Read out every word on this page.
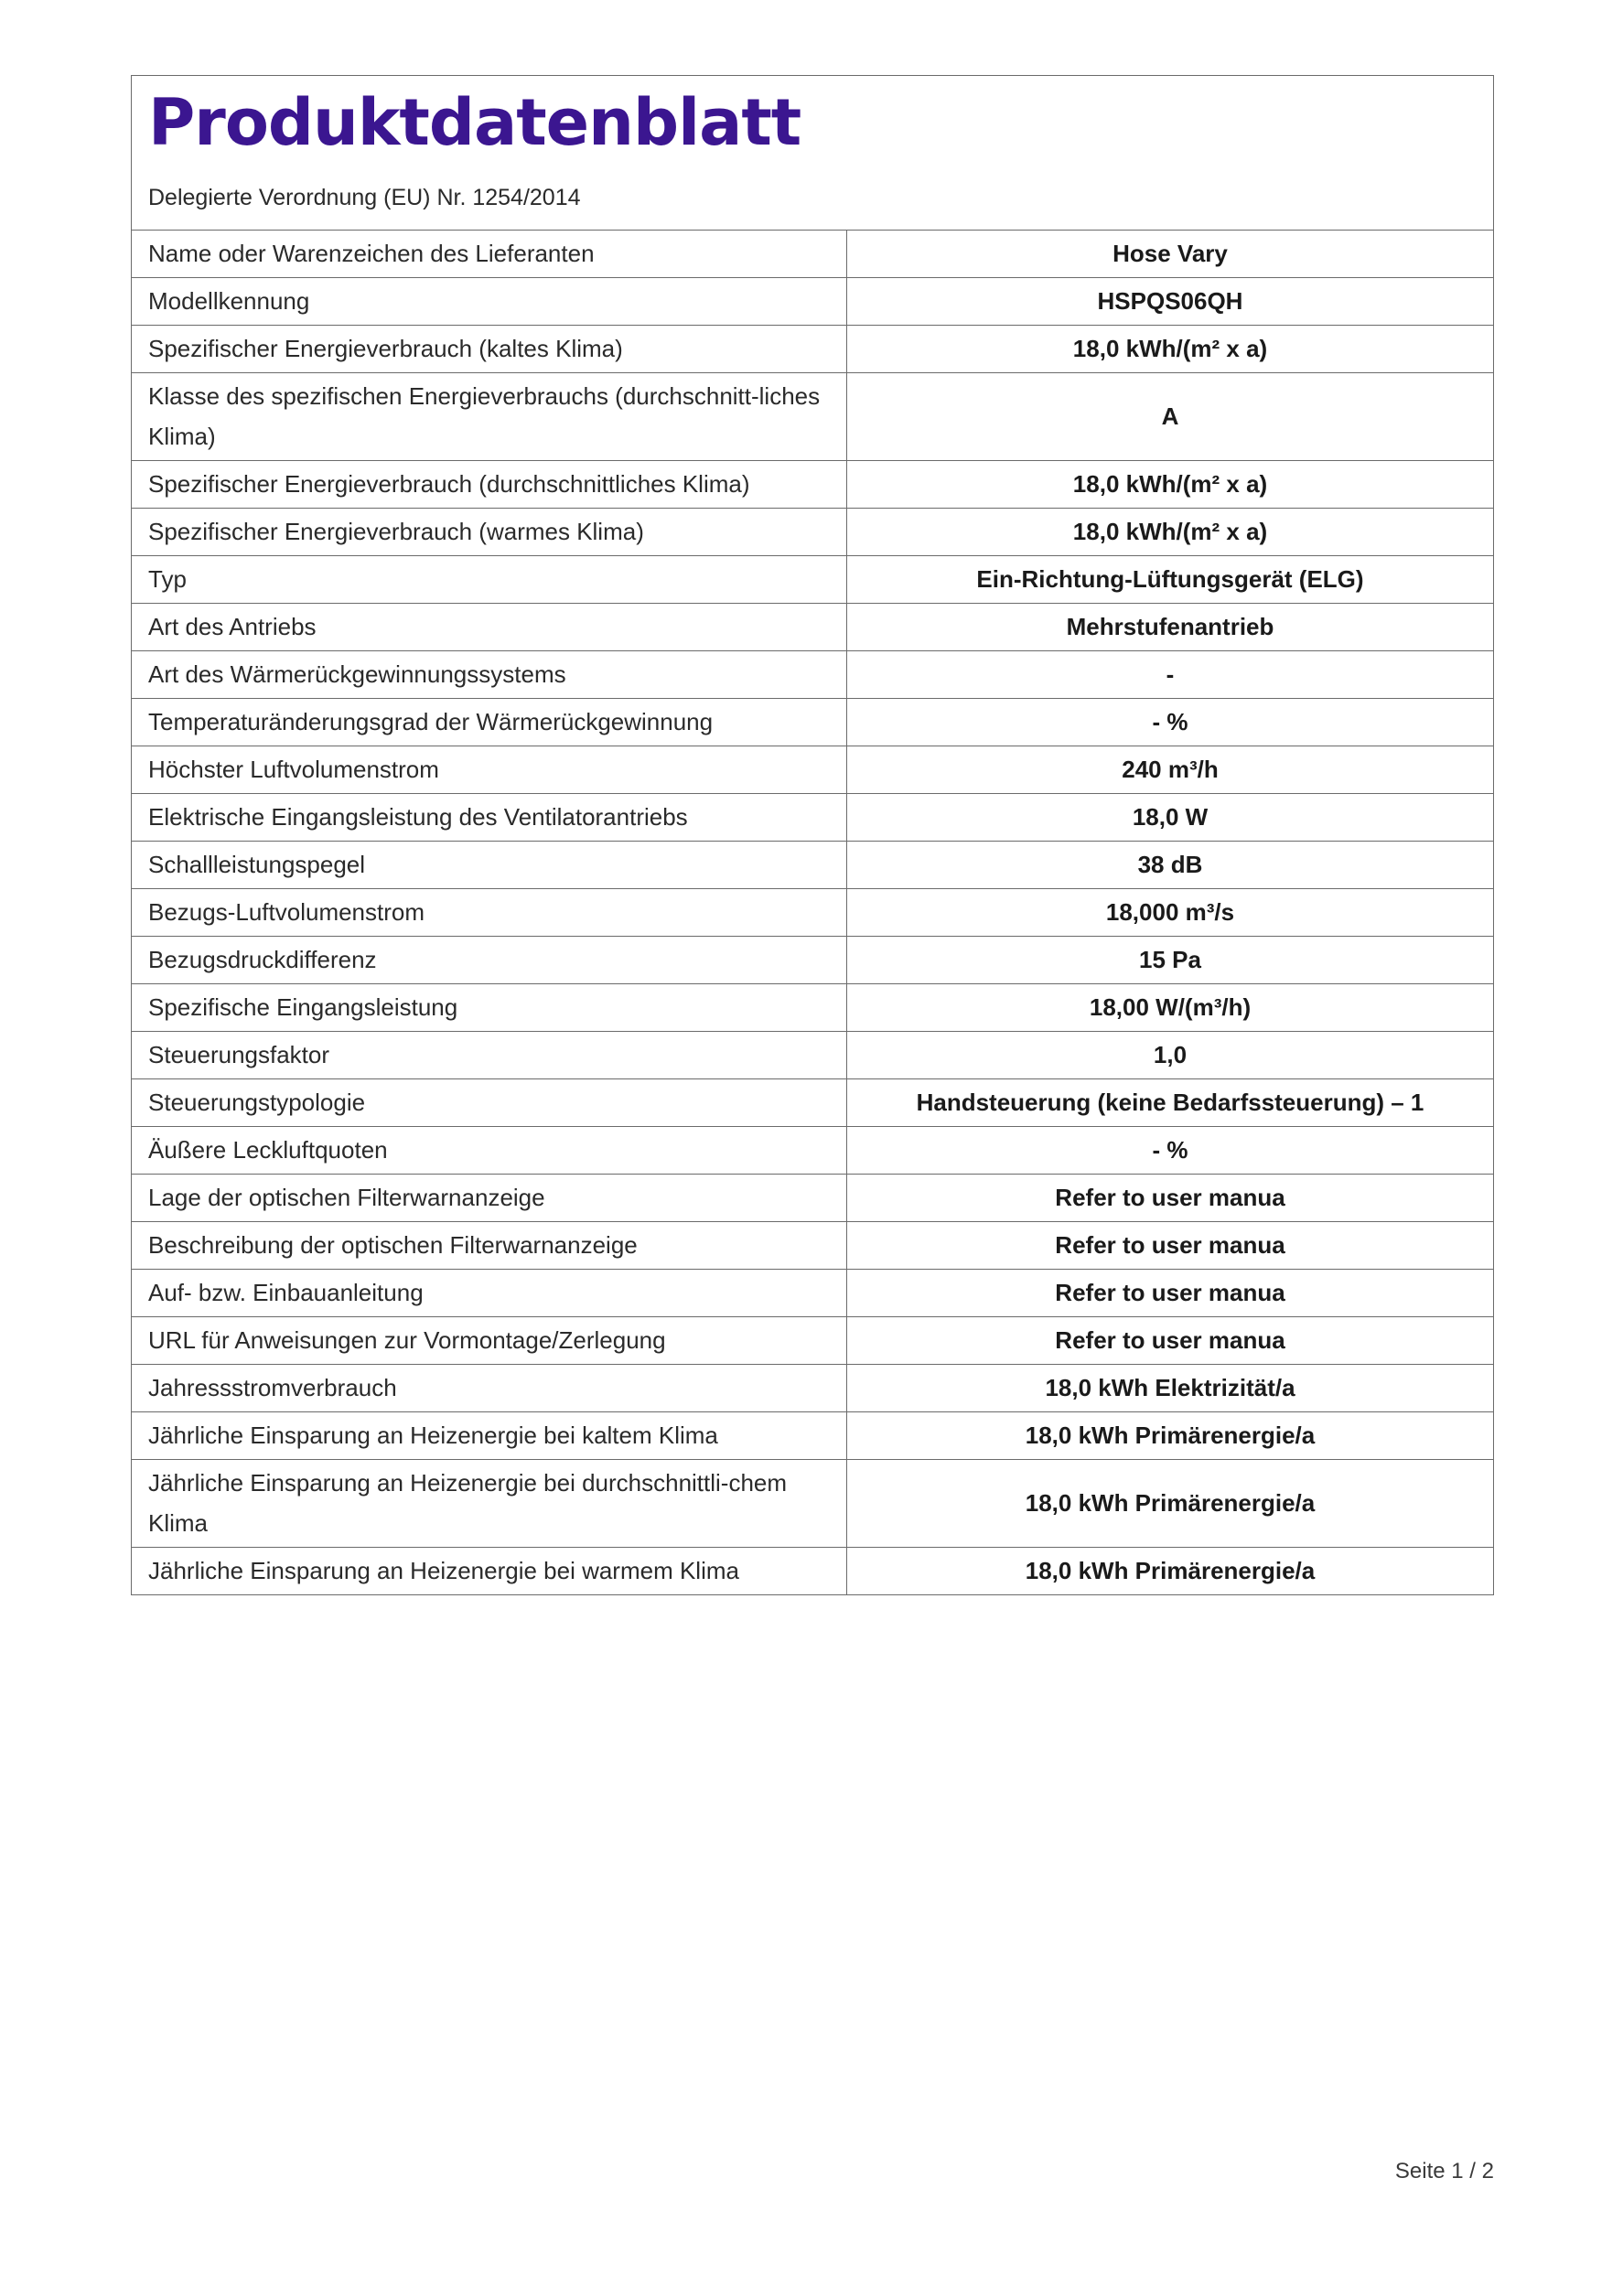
Produktdatenblatt
Delegierte Verordnung (EU) Nr. 1254/2014
Name oder Warenzeichen des Lieferanten	Hose Vary
Modellkennung	HSPQS06QH
Spezifischer Energieverbrauch (kaltes Klima)	18,0 kWh/(m² x a)
Klasse des spezifischen Energieverbrauchs (durchschnitt-liches Klima)	A
Spezifischer Energieverbrauch (durchschnittliches Klima)	18,0 kWh/(m² x a)
Spezifischer Energieverbrauch (warmes Klima)	18,0 kWh/(m² x a)
Typ	Ein-Richtung-Lüftungsgerät (ELG)
Art des Antriebs	Mehrstufenantrieb
Art des Wärmerückgewinnungssystems	-
Temperaturänderungsgrad der Wärmerückgewinnung	- %
Höchster Luftvolumenstrom	240 m³/h
Elektrische Eingangsleistung des Ventilatorantriebs	18,0 W
Schallleistungspegel	38 dB
Bezugs-Luftvolumenstrom	18,000 m³/s
Bezugsdruckdifferenz	15 Pa
Spezifische Eingangsleistung	18,00 W/(m³/h)
Steuerungsfaktor	1,0
Steuerungstypologie	Handsteuerung (keine Bedarfssteuerung) – 1
Äußere Leckluftquoten	- %
Lage der optischen Filterwarnanzeige	Refer to user manua
Beschreibung der optischen Filterwarnanzeige	Refer to user manua
Auf- bzw. Einbauanleitung	Refer to user manua
URL für Anweisungen zur Vormontage/Zerlegung	Refer to user manua
Jahressstromverbrauch	18,0 kWh Elektrizität/a
Jährliche Einsparung an Heizenergie bei kaltem Klima	18,0 kWh Primärenergie/a
Jährliche Einsparung an Heizenergie bei durchschnittli-chem Klima	18,0 kWh Primärenergie/a
Jährliche Einsparung an Heizenergie bei warmem Klima	18,0 kWh Primärenergie/a
Seite 1 / 2
